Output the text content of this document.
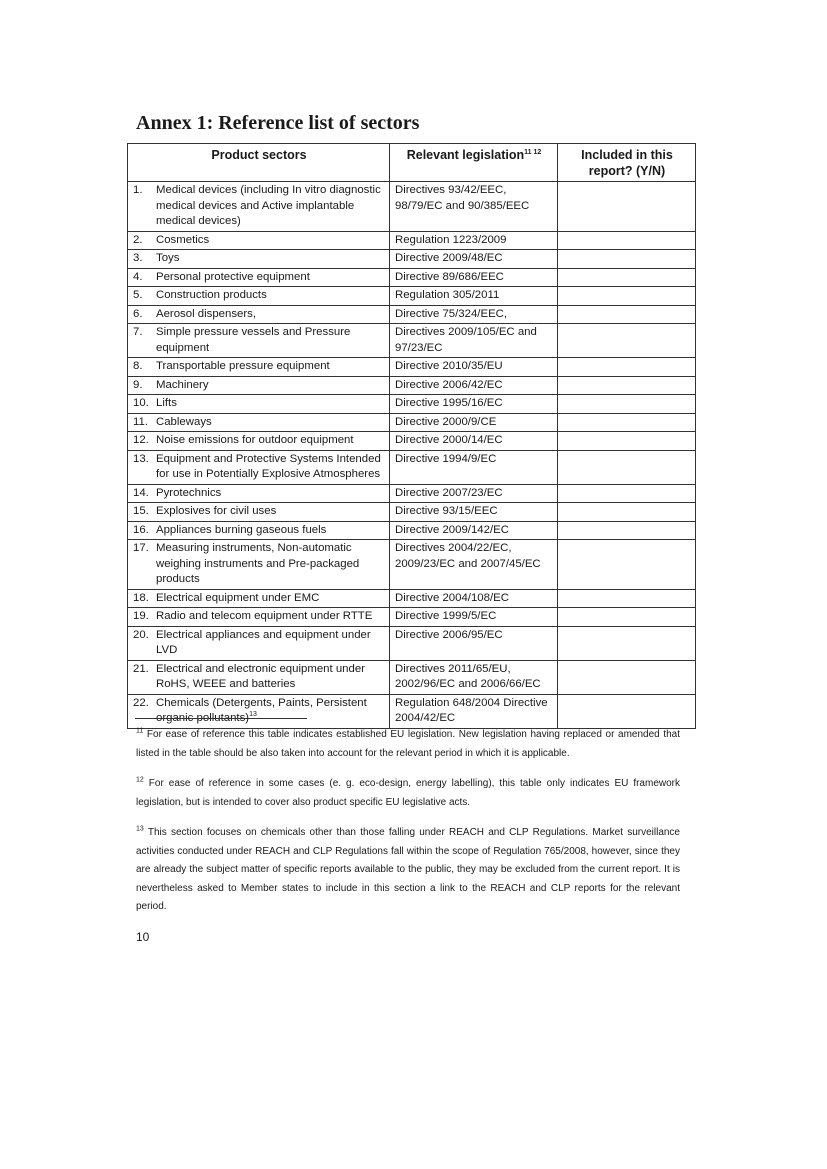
Annex 1: Reference list of sectors
Product sectors	Relevant legislation$^{11 12}$	Included in this report? (Y/N)

1. Medical devices (including In vitro diagnostic medical devices and Active implantable medical devices)	Directives 93/42/EEC, 98/79/EC and 90/385/EEC	

2. Cosmetics	Regulation 1223/2009	

3. Toys	Directive 2009/48/EC	

4. Personal protective equipment	Directive 89/686/EEC	

5. Construction products	Regulation 305/2011	

6. Aerosol dispensers,	Directive 75/324/EEC,	

7. Simple pressure vessels and Pressure equipment	Directives 2009/105/EC and 97/23/EC	

8. Transportable pressure equipment	Directive 2010/35/EU	

9. Machinery	Directive 2006/42/EC	

10. Lifts	Directive 1995/16/EC	

11. Cableways	Directive 2000/9/CE	

12. Noise emissions for outdoor equipment	Directive 2000/14/EC	

13. Equipment and Protective Systems Intended for use in Potentially Explosive Atmospheres	Directive 1994/9/EC	

14. Pyrotechnics	Directive 2007/23/EC	

15. Explosives for civil uses	Directive 93/15/EEC	

16. Appliances burning gaseous fuels	Directive 2009/142/EC	

17. Measuring instruments, Non-automatic weighing instruments and Pre-packaged products	Directives 2004/22/EC, 2009/23/EC and 2007/45/EC	

18. Electrical equipment under EMC	Directive 2004/108/EC	

19. Radio and telecom equipment under RTTE	Directive 1999/5/EC	

20. Electrical appliances and equipment under LVD	Directive 2006/95/EC	

21. Electrical and electronic equipment under RoHS, WEEE and batteries	Directives 2011/65/EU, 2002/96/EC and 2006/66/EC	

22. Chemicals (Detergents, Paints, Persistent organic pollutants)$^{13}$	Regulation 648/2004 Directive 2004/42/EC	

$^{11}$ For ease of reference this table indicates established EU legislation. New legislation having replaced or amended that listed in the table should be also taken into account for the relevant period in which it is applicable.

$^{12}$ For ease of reference in some cases (e. g. eco-design, energy labelling), this table only indicates EU framework legislation, but is intended to cover also product specific EU legislative acts.

$^{13}$ This section focuses on chemicals other than those falling under REACH and CLP Regulations. Market surveillance activities conducted under REACH and CLP Regulations fall within the scope of Regulation 765/2008, however, since they are already the subject matter of specific reports available to the public, they may be excluded from the current report. It is nevertheless asked to Member states to include in this section a link to the REACH and CLP reports for the relevant period.

10
